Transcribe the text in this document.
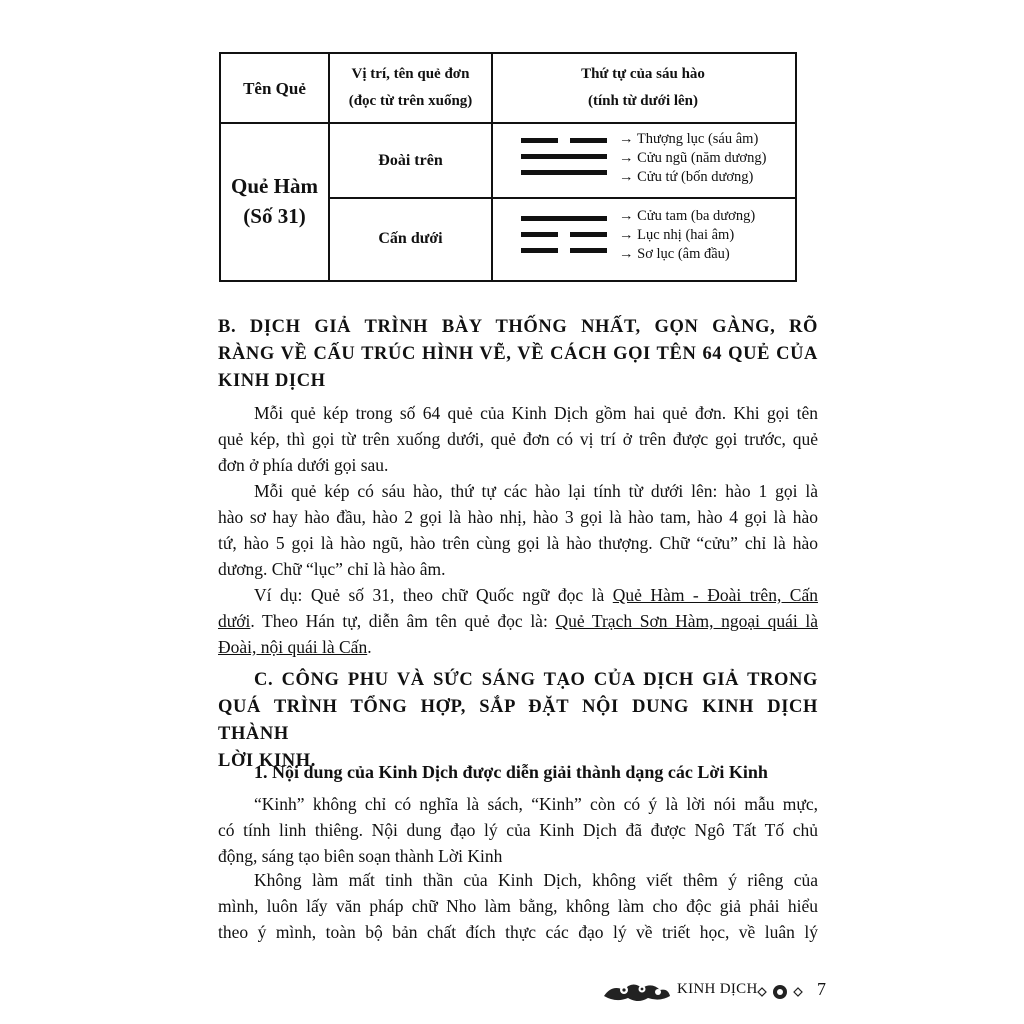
Tên Quẻ
Vị trí, tên quẻ đơn
(đọc từ trên xuống)
Thứ tự của sáu hào
(tính từ dưới lên)
Quẻ Hàm
(Số 31)
Đoài trên
Cấn dưới
→ Thượng lục (sáu âm)
→ Cửu ngũ (năm dương)
→ Cửu tứ (bốn dương)
→ Cửu tam (ba dương)
→ Lục nhị (hai âm)
→ Sơ lục (âm đầu)
B. DỊCH GIẢ TRÌNH BÀY THỐNG NHẤT, GỌN GÀNG, RÕ
RÀNG VỀ CẤU TRÚC HÌNH VẼ, VỀ CÁCH GỌI TÊN 64 QUẺ CỦA
KINH DỊCH
Mỗi quẻ kép trong số 64 quẻ của Kinh Dịch gồm hai quẻ đơn. Khi gọi tên
quẻ kép, thì gọi từ trên xuống dưới, quẻ đơn có vị trí ở trên được gọi trước, quẻ
đơn ở phía dưới gọi sau.
Mỗi quẻ kép có sáu hào, thứ tự các hào lại tính từ dưới lên: hào 1 gọi là
hào sơ hay hào đầu, hào 2 gọi là hào nhị, hào 3 gọi là hào tam, hào 4 gọi là hào
tứ, hào 5 gọi là hào ngũ, hào trên cùng gọi là hào thượng. Chữ “cửu” chỉ là hào
dương. Chữ “lục” chỉ là hào âm.
Ví dụ: Quẻ số 31, theo chữ Quốc ngữ đọc là Quẻ Hàm - Đoài trên, Cấn
dưới. Theo Hán tự, diễn âm tên quẻ đọc là: Quẻ Trạch Sơn Hàm, ngoại quái là
Đoài, nội quái là Cấn.
C. CÔNG PHU VÀ SỨC SÁNG TẠO CỦA DỊCH GIẢ TRONG
QUÁ TRÌNH TỔNG HỢP, SẮP ĐẶT NỘI DUNG KINH DỊCH THÀNH
LỜI KINH.
1. Nội dung của Kinh Dịch được diễn giải thành dạng các Lời Kinh
“Kinh” không chỉ có nghĩa là sách, “Kinh” còn có ý là lời nói mẫu mực,
có tính linh thiêng. Nội dung đạo lý của Kinh Dịch đã được Ngô Tất Tố chủ
động, sáng tạo biên soạn thành Lời Kinh
Không làm mất tinh thần của Kinh Dịch, không viết thêm ý riêng của
mình, luôn lấy văn pháp chữ Nho làm bằng, không làm cho độc giả phải hiểu
theo ý mình, toàn bộ bản chất đích thực các đạo lý về triết học, về luân lý
KINH DỊCH	7
